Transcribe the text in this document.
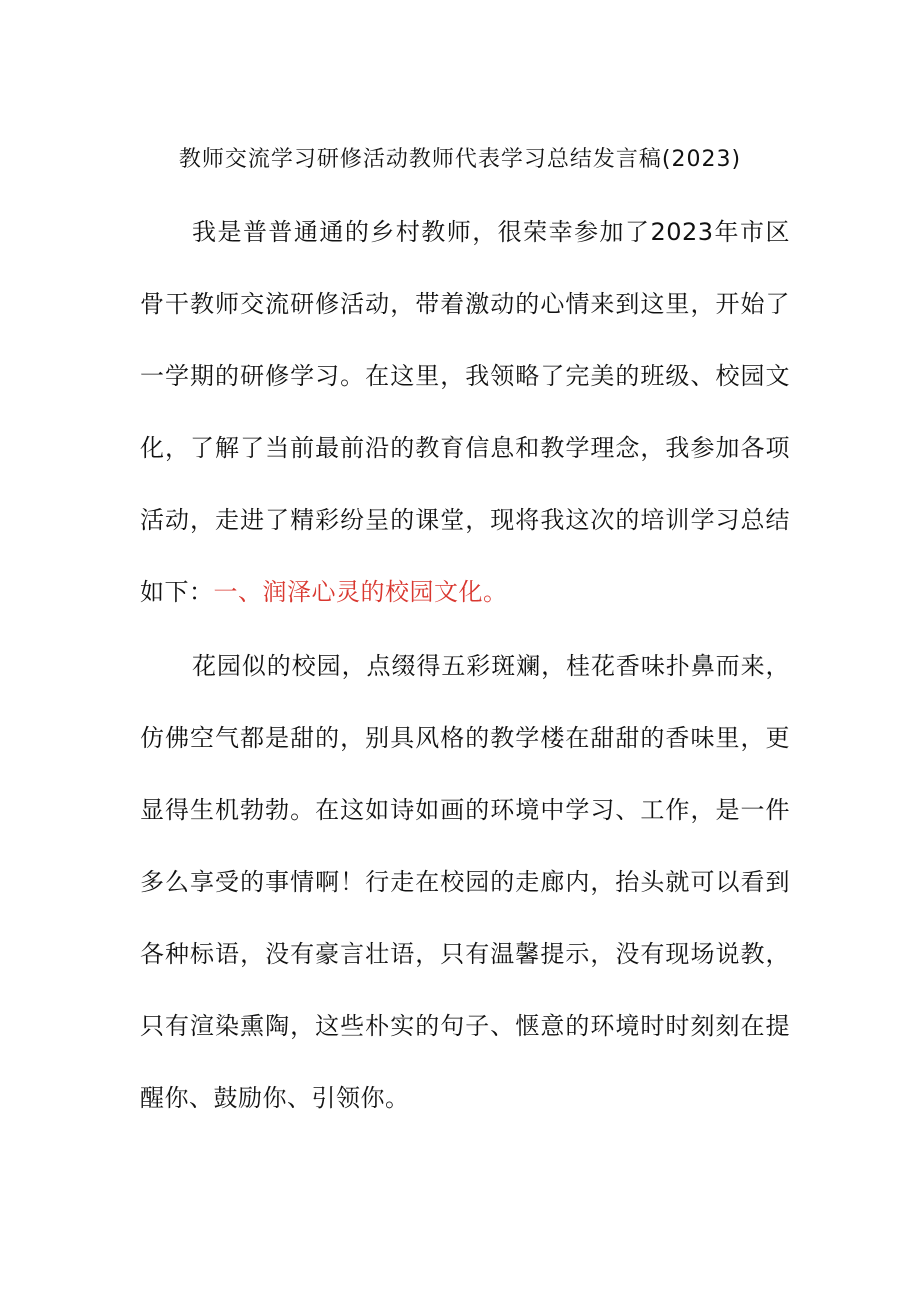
教师交流学习研修活动教师代表学习总结发言稿(2023)
我是普普通通的乡村教师，很荣幸参加了2023年市区
骨干教师交流研修活动，带着激动的心情来到这里，开始了
一学期的研修学习。在这里，我领略了完美的班级、校园文
化，了解了当前最前沿的教育信息和教学理念，我参加各项
活动，走进了精彩纷呈的课堂，现将我这次的培训学习总结
如下：一、润泽心灵的校园文化。
花园似的校园，点缀得五彩斑斓，桂花香味扑鼻而来，
仿佛空气都是甜的，别具风格的教学楼在甜甜的香味里，更
显得生机勃勃。在这如诗如画的环境中学习、工作，是一件
多么享受的事情啊！行走在校园的走廊内，抬头就可以看到
各种标语，没有豪言壮语，只有温馨提示，没有现场说教，
只有渲染熏陶，这些朴实的句子、惬意的环境时时刻刻在提
醒你、鼓励你、引领你。
